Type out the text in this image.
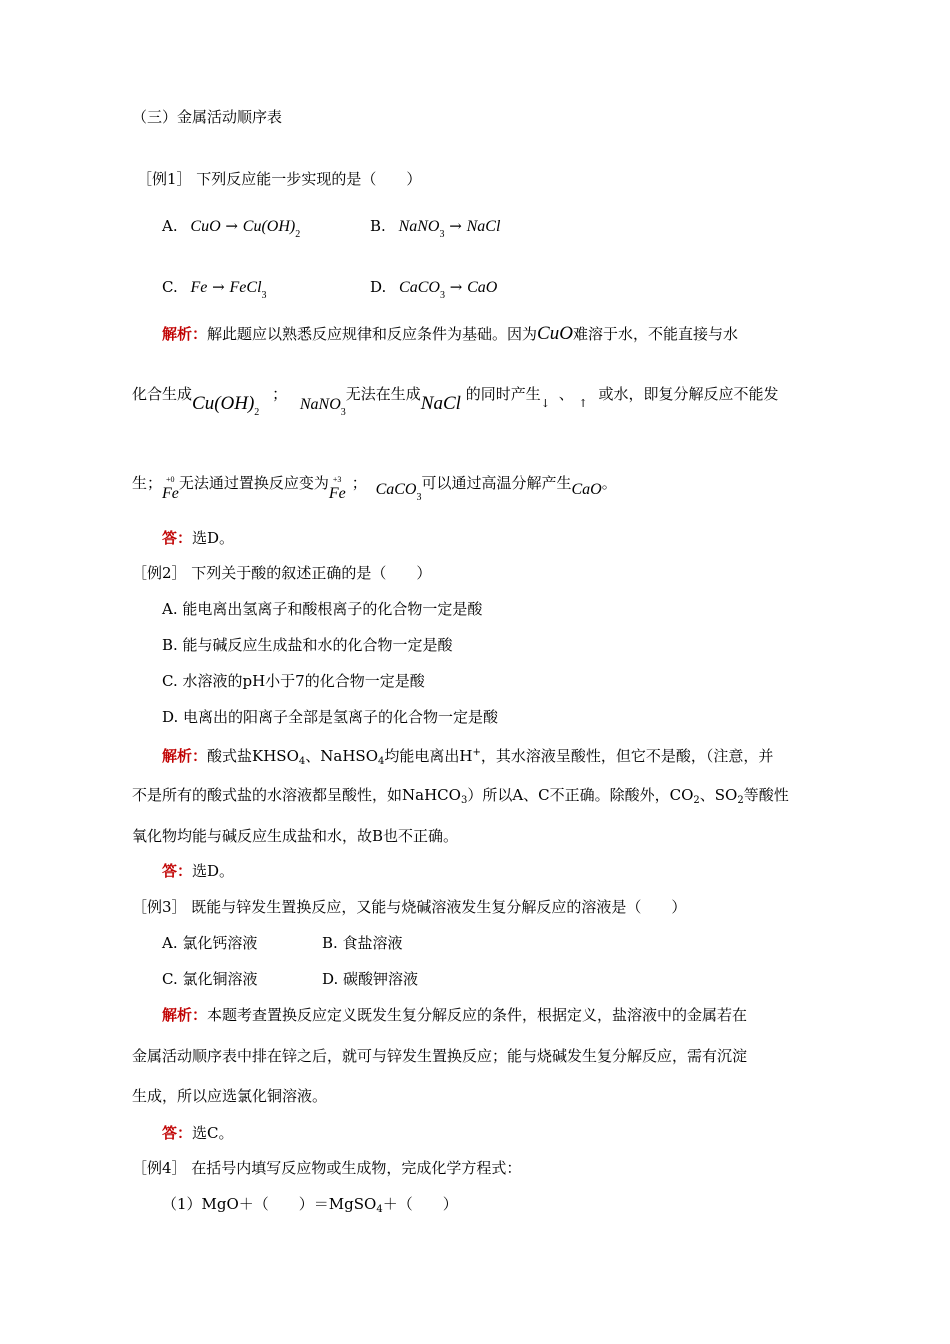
（三）金属活动顺序表
［例1］ 下列反应能一步实现的是（　　）
A. CuO → $Cu(OH)_2$	B. NaNO$_3$ → NaCl
C. Fe → FeCl$_3$	D. CaCO$_3$ → CaO
解析：解此题应以熟悉反应规律和反应条件为基础。因为CuO难溶于水，不能直接与水
化合生成$Cu(OH)_2$ ； NaNO$_3$无法在生成NaCl 的同时产生$_↓$ 、 $_↑$ 或水，即复分解反应不能发
生； +0
Fe无法通过置换反应变为 +3
Fe； CaCO$_3$可以通过高温分解产生CaO。
答：选D。
［例2］ 下列关于酸的叙述正确的是（　　）
A. 能电离出氢离子和酸根离子的化合物一定是酸
B. 能与碱反应生成盐和水的化合物一定是酸
C. 水溶液的pH小于7的化合物一定是酸
D. 电离出的阳离子全部是氢离子的化合物一定是酸
解析：酸式盐$KHSO_4$、NaHSO$_4$均能电离出H+，其水溶液呈酸性，但它不是酸，（注意，并
不是所有的酸式盐的水溶液都呈酸性，如NaHCO$_3$）所以A、C不正确。除酸外，$CO_2$、$SO_2$等酸性
氧化物均能与碱反应生成盐和水，故B也不正确。
答：选D。
［例3］ 既能与锌发生置换反应，又能与烧碱溶液发生复分解反应的溶液是（　　）
A. 氯化钙溶液	B. 食盐溶液
C. 氯化铜溶液	D. 碳酸钾溶液
解析：本题考查置换反应定义既发生复分解反应的条件，根据定义，盐溶液中的金属若在
金属活动顺序表中排在锌之后，就可与锌发生置换反应；能与烧碱发生复分解反应，需有沉淀
生成，所以应选氯化铜溶液。
答：选C。
［例4］ 在括号内填写反应物或生成物，完成化学方程式：
（1）MgO＋（　　）＝MgSO$_4$＋（　　）
